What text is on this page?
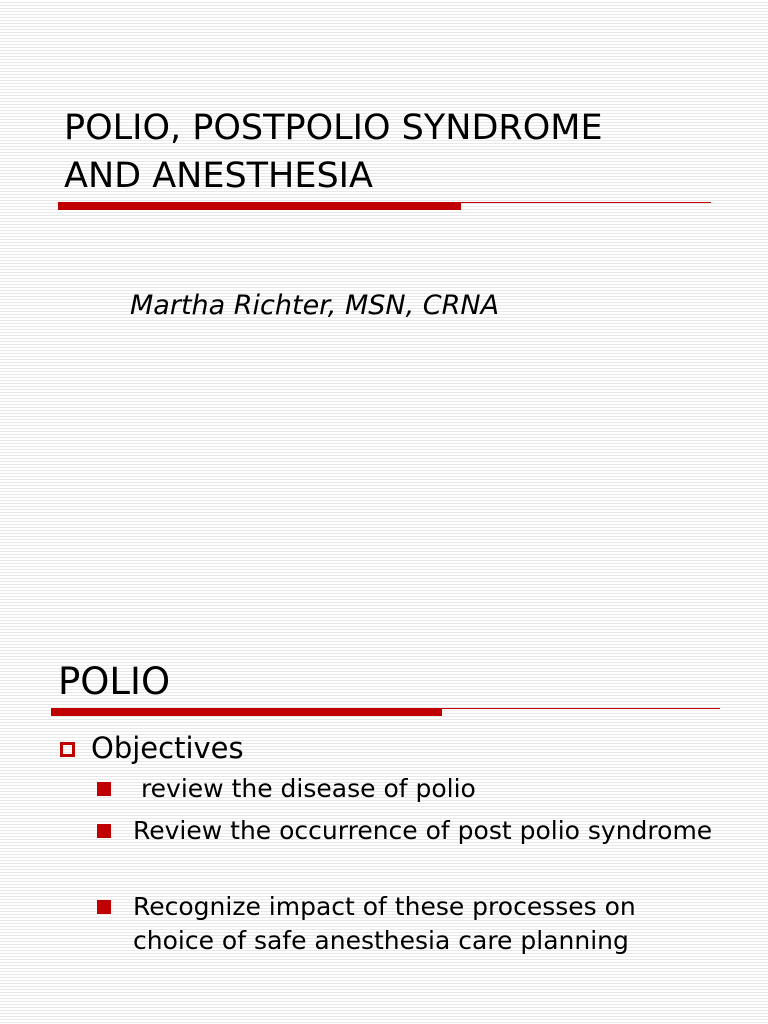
POLIO, POSTPOLIO SYNDROME
AND ANESTHESIA

Martha Richter, MSN, CRNA

POLIO
Objectives
review the disease of polio
Review the occurrence of post polio syndrome
Recognize impact of these processes on choice of safe anesthesia care planning
